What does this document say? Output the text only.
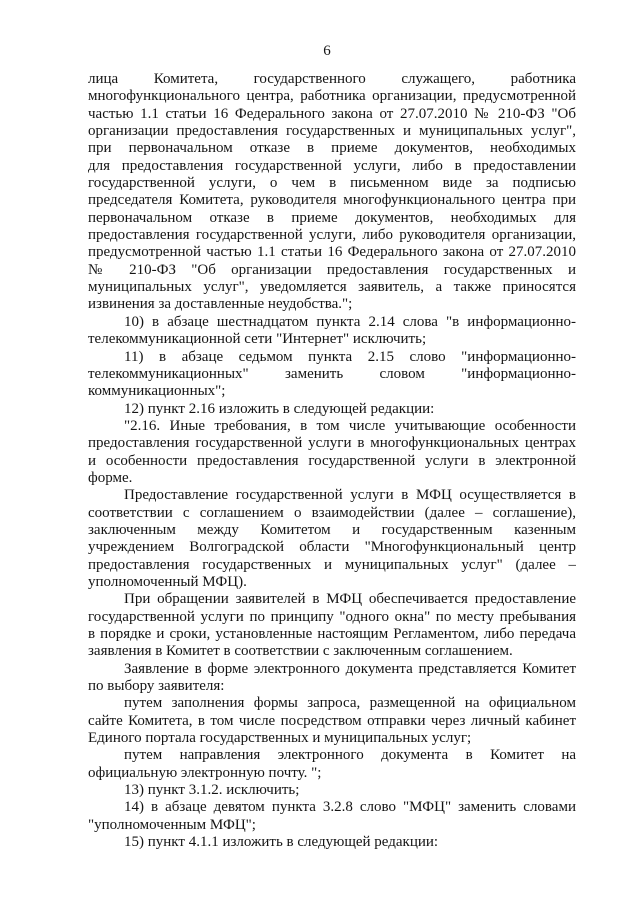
6
лица Комитета, государственного служащего, работника
многофункционального центра, работника организации, предусмотренной
частью 1.1 статьи 16 Федерального закона от 27.07.2010 № 210-ФЗ "Об
организации предоставления государственных и муниципальных услуг",
при первоначальном отказе в приеме документов, необходимых
для предоставления государственной услуги, либо в предоставлении
государственной услуги, о чем в письменном виде за подписью
председателя Комитета, руководителя многофункционального центра при
первоначальном отказе в приеме документов, необходимых для
предоставления государственной услуги, либо руководителя организации,
предусмотренной частью 1.1 статьи 16 Федерального закона от 27.07.2010
№ 210-ФЗ "Об организации предоставления государственных и
муниципальных услуг", уведомляется заявитель, а также приносятся
извинения за доставленные неудобства.";
10) в абзаце шестнадцатом пункта 2.14 слова "в информационно-
телекоммуникационной сети "Интернет" исключить;
11) в абзаце седьмом пункта 2.15 слово "информационно-
телекоммуникационных" заменить словом "информационно-
коммуникационных";
12) пункт 2.16 изложить в следующей редакции:
"2.16. Иные требования, в том числе учитывающие особенности
предоставления государственной услуги в многофункциональных центрах
и особенности предоставления государственной услуги в электронной
форме.
Предоставление государственной услуги в МФЦ осуществляется в
соответствии с соглашением о взаимодействии (далее – соглашение),
заключенным между Комитетом и государственным казенным
учреждением Волгоградской области "Многофункциональный центр
предоставления государственных и муниципальных услуг" (далее –
уполномоченный МФЦ).
При обращении заявителей в МФЦ обеспечивается предоставление
государственной услуги по принципу "одного окна" по месту пребывания
в порядке и сроки, установленные настоящим Регламентом, либо передача
заявления в Комитет в соответствии с заключенным соглашением.
Заявление в форме электронного документа представляется Комитет
по выбору заявителя:
путем заполнения формы запроса, размещенной на официальном
сайте Комитета, в том числе посредством отправки через личный кабинет
Единого портала государственных и муниципальных услуг;
путем направления электронного документа в Комитет на
официальную электронную почту. ";
13) пункт 3.1.2. исключить;
14) в абзаце девятом пункта 3.2.8 слово "МФЦ" заменить словами
"уполномоченным МФЦ";
15) пункт 4.1.1 изложить в следующей редакции:
